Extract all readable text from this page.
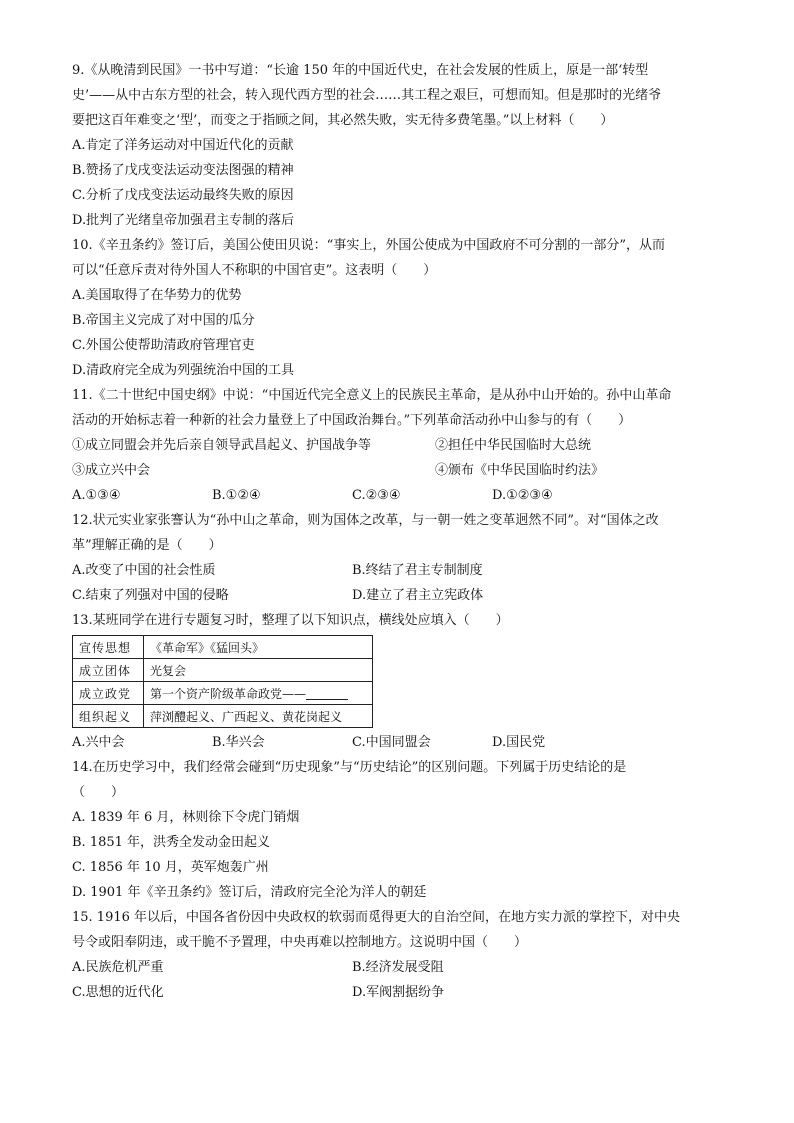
9.《从晚清到民国》一书中写道：“长逾 150 年的中国近代史，在社会发展的性质上，原是一部‘转型
史’——从中古东方型的社会，转入现代西方型的社会……其工程之艰巨，可想而知。但是那时的光绪爷
要把这百年难变之‘型’，而变之于指顾之间，其必然失败，实无待多费笔墨。”以上材料（　　）
A.肯定了洋务运动对中国近代化的贡献
B.赞扬了戊戌变法运动变法图强的精神
C.分析了戊戌变法运动最终失败的原因
D.批判了光绪皇帝加强君主专制的落后
10.《辛丑条约》签订后，美国公使田贝说：“事实上，外国公使成为中国政府不可分割的一部分”，从而
可以“任意斥责对待外国人不称职的中国官吏”。这表明（　　）
A.美国取得了在华势力的优势
B.帝国主义完成了对中国的瓜分
C.外国公使帮助清政府管理官吏
D.清政府完全成为列强统治中国的工具
11.《二十世纪中国史纲》中说：“中国近代完全意义上的民族民主革命，是从孙中山开始的。孙中山革命
活动的开始标志着一种新的社会力量登上了中国政治舞台。”下列革命活动孙中山参与的有（　　）
①成立同盟会并先后亲自领导武昌起义、护国战争等	②担任中华民国临时大总统
③成立兴中会	④颁布《中华民国临时约法》
A.①③④	B.①②④	C.②③④	D.①②③④
12.状元实业家张謇认为“孙中山之革命，则为国体之改革，与一朝一姓之变革迥然不同”。对“国体之改
革”理解正确的是（　　）
A.改变了中国的社会性质	B.终结了君主专制制度
C.结束了列强对中国的侵略	D.建立了君主立宪政体
13.某班同学在进行专题复习时，整理了以下知识点，横线处应填入（　　）
宣传思想	《革命军》《猛回头》
成立团体	光复会
成立政党	第一个资产阶级革命政党——
组织起义	萍浏醴起义、广西起义、黄花岗起义
A.兴中会	B.华兴会	C.中国同盟会	D.国民党
14.在历史学习中，我们经常会碰到“历史现象”与“历史结论”的区别问题。下列属于历史结论的是
（　　）
A. 1839 年 6 月，林则徐下令虎门销烟
B. 1851 年，洪秀全发动金田起义
C. 1856 年 10 月，英军炮轰广州
D. 1901 年《辛丑条约》签订后，清政府完全沦为洋人的朝廷
15. 1916 年以后，中国各省份因中央政权的软弱而觅得更大的自治空间，在地方实力派的掌控下，对中央
号令或阳奉阴违，或干脆不予置理，中央再难以控制地方。这说明中国（　　）
A.民族危机严重	B.经济发展受阻
C.思想的近代化	D.军阀割据纷争
